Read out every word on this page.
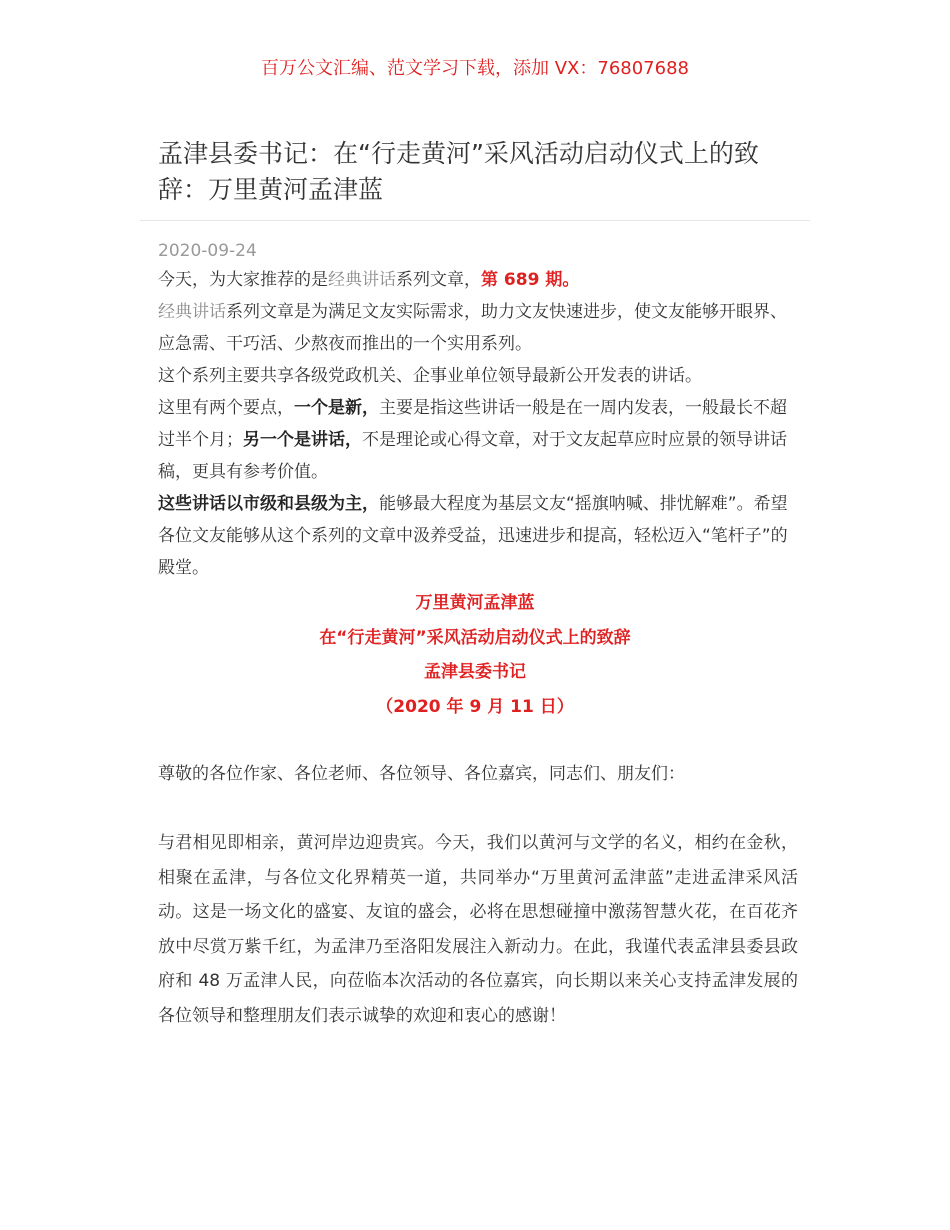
百万公文汇编、范文学习下载，添加 VX：76807688
孟津县委书记：在“行走黄河”采风活动启动仪式上的致辞：万里黄河孟津蓝
2020-09-24

今天，为大家推荐的是经典讲话系列文章，第 689 期。

经典讲话系列文章是为满足文友实际需求，助力文友快速进步，使文友能够开眼界、应急需、干巧活、少熬夜而推出的一个实用系列。

这个系列主要共享各级党政机关、企事业单位领导最新公开发表的讲话。

这里有两个要点，一个是新，主要是指这些讲话一般是在一周内发表，一般最长不超过半个月；另一个是讲话，不是理论或心得文章，对于文友起草应时应景的领导讲话稿，更具有参考价值。

这些讲话以市级和县级为主，能够最大程度为基层文友“摇旗呐喊、排忧解难”。希望各位文友能够从这个系列的文章中汲养受益，迅速进步和提高，轻松迈入“笔杆子”的殿堂。

万里黄河孟津蓝

在“行走黄河”采风活动启动仪式上的致辞

孟津县委书记

（2020 年 9 月 11 日）

尊敬的各位作家、各位老师、各位领导、各位嘉宾，同志们、朋友们：

与君相见即相亲，黄河岸边迎贵宾。今天，我们以黄河与文学的名义，相约在金秋，相聚在孟津，与各位文化界精英一道，共同举办“万里黄河孟津蓝”走进孟津采风活动。这是一场文化的盛宴、友谊的盛会，必将在思想碰撞中激荡智慧火花，在百花齐放中尽赏万紫千红，为孟津乃至洛阳发展注入新动力。在此，我谨代表孟津县委县政府和 48 万孟津人民，向莅临本次活动的各位嘉宾，向长期以来关心支持孟津发展的各位领导和整理朋友们表示诚挚的欢迎和衷心的感谢！
